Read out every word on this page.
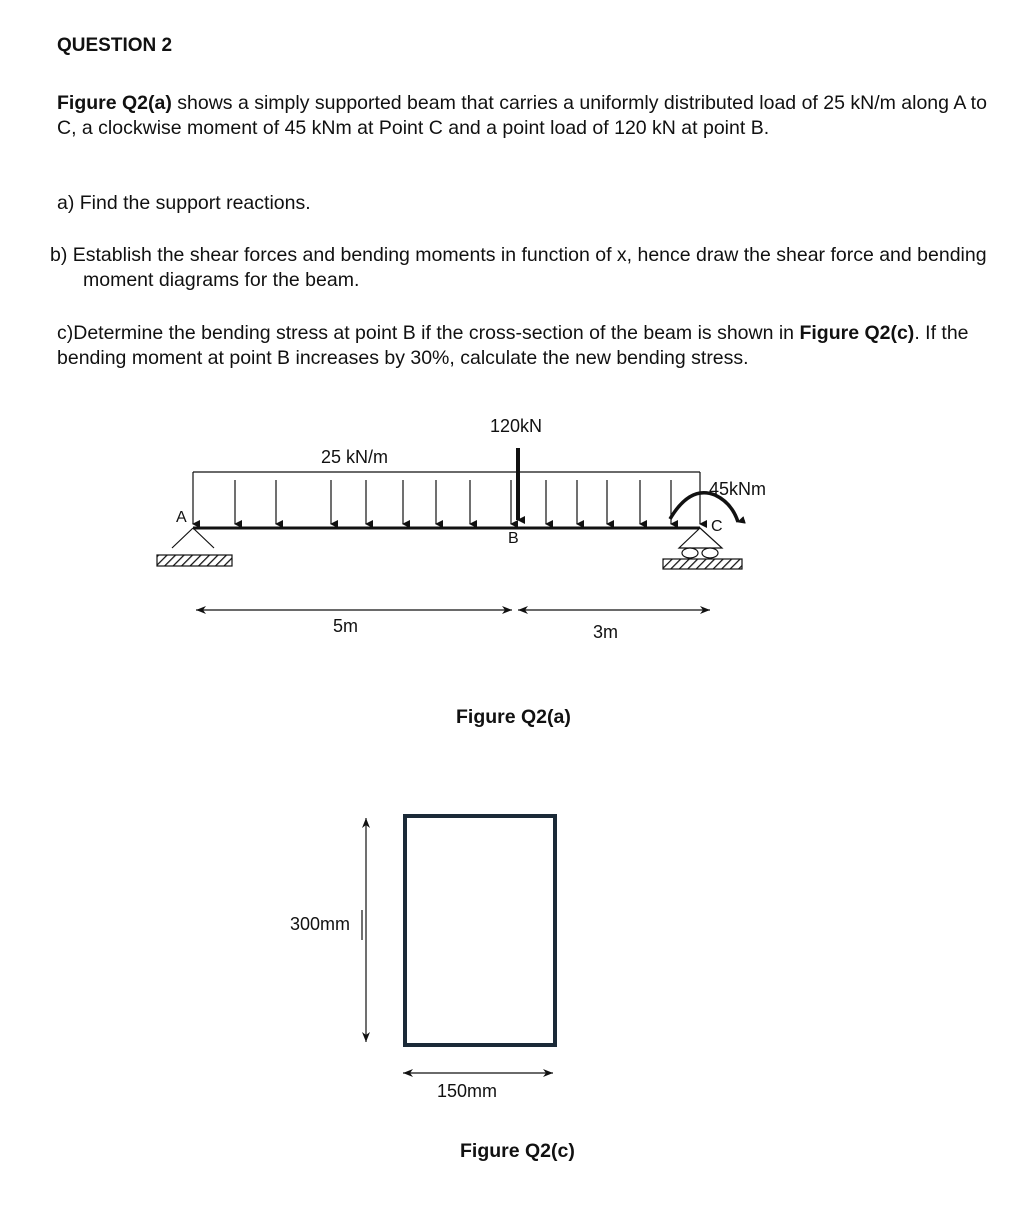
QUESTION 2
Figure Q2(a) shows a simply supported beam that carries a uniformly distributed load of 25 kN/m along A to C, a clockwise moment of 45 kNm at Point C and a point load of 120 kN at point B.
a) Find the support reactions.
b) Establish the shear forces and bending moments in function of x, hence draw the shear force and bending moment diagrams for the beam.
c)Determine the bending stress at point B if the cross-section of the beam is shown in Figure Q2(c). If the bending moment at point B increases by 30%, calculate the new bending stress.
25 kN/m
120kN
45kNm
A
B
C
5m	3m
Figure Q2(a)
300mm
150mm
Figure Q2(c)
